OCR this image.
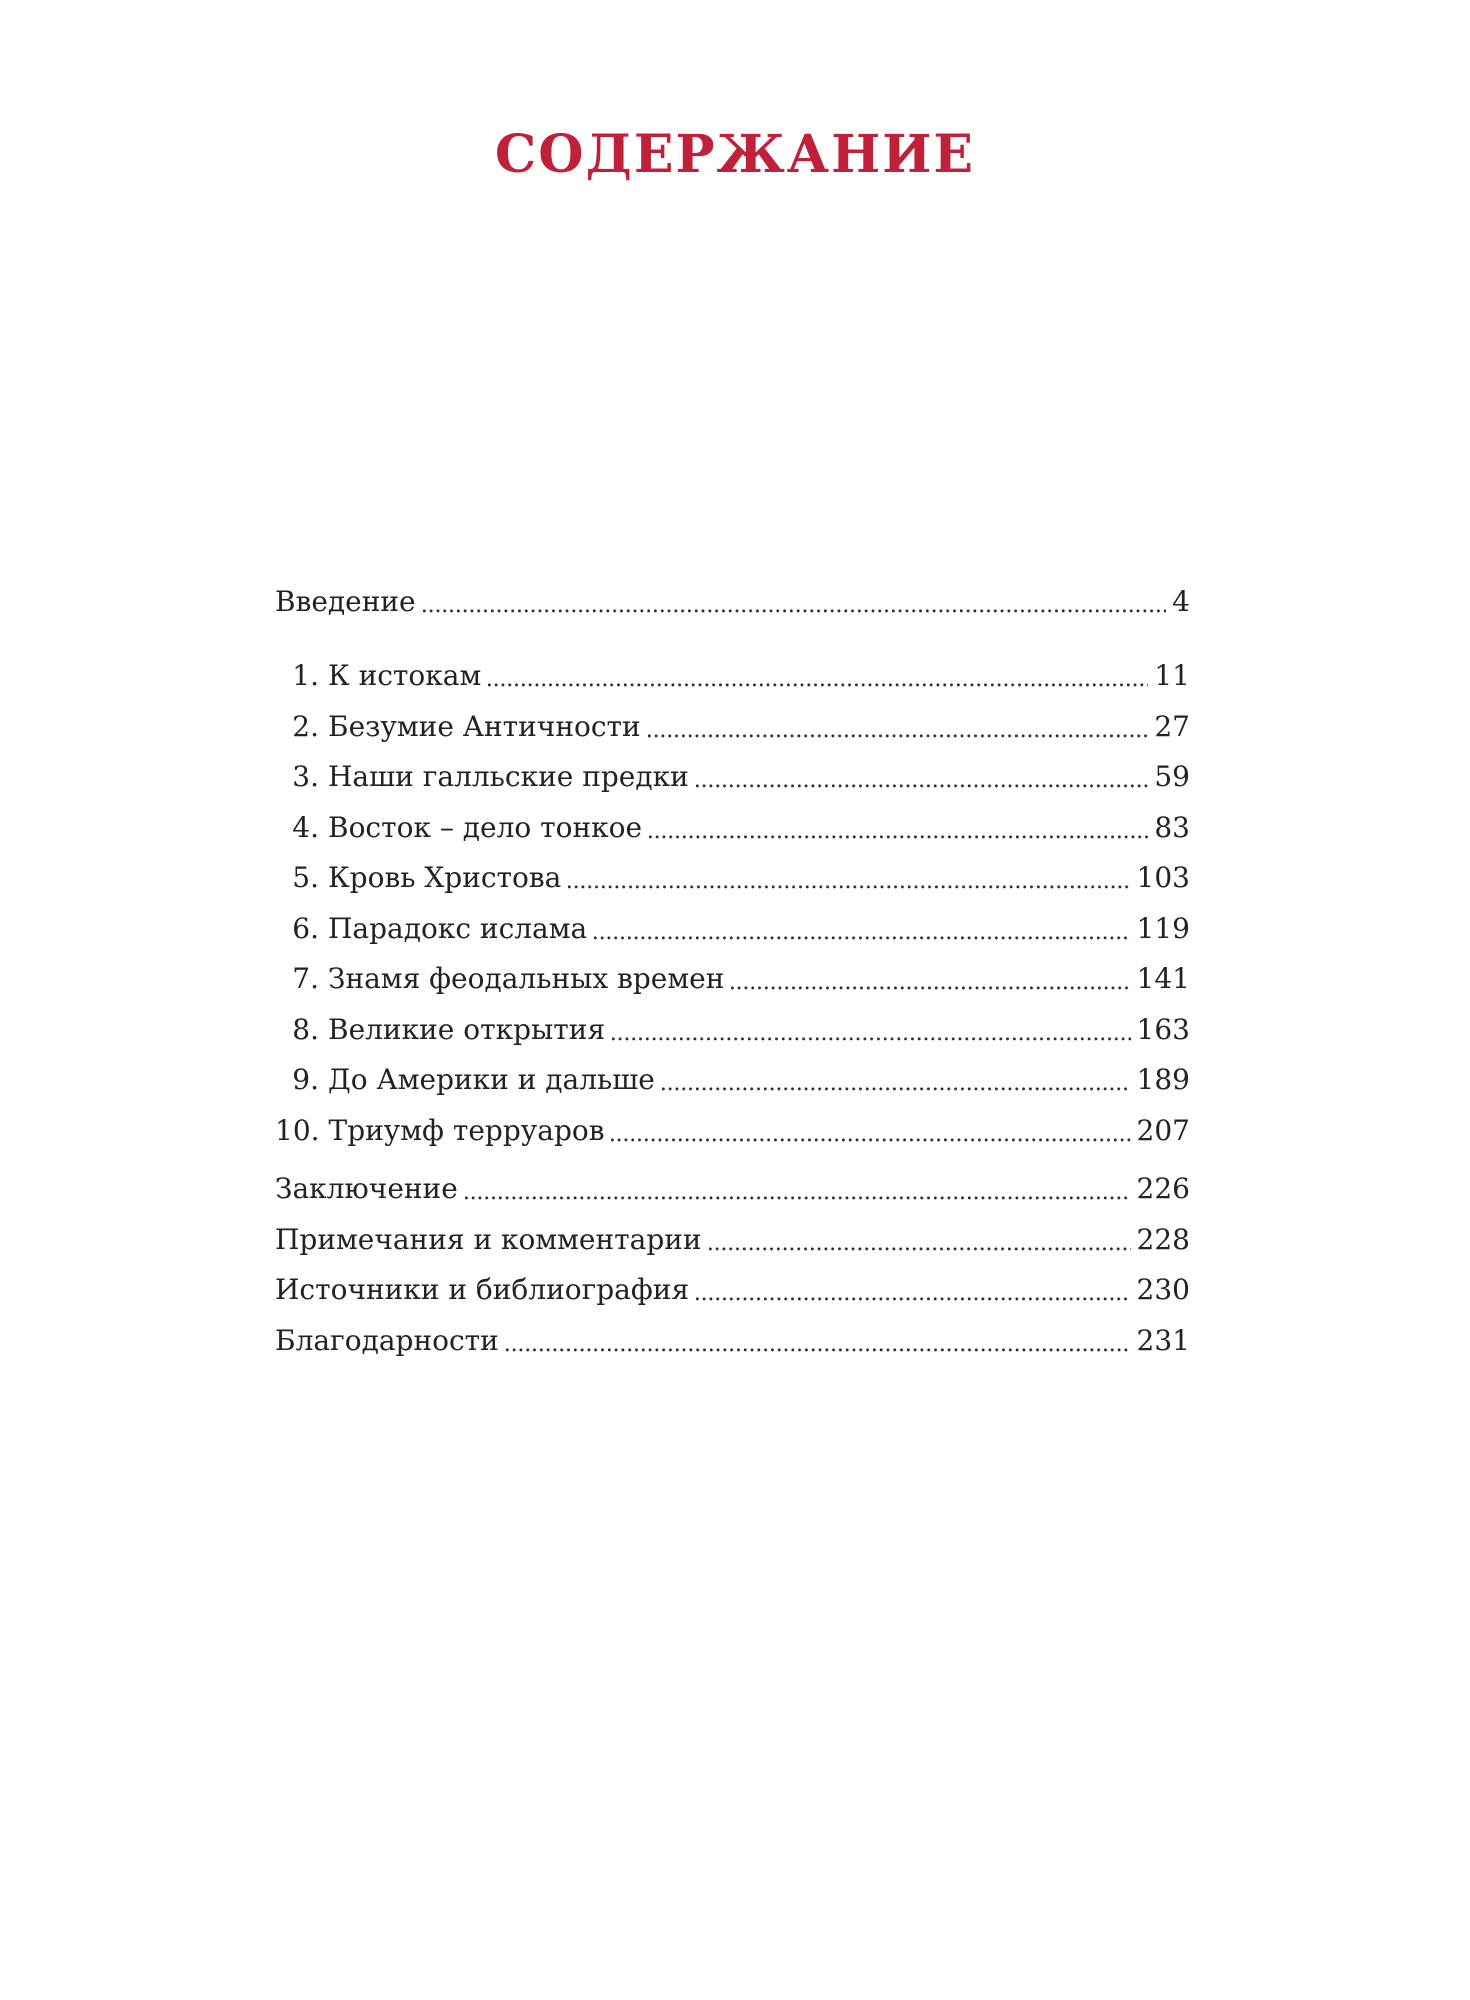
СОДЕРЖАНИЕ
Введение	4
1. К истокам	11
2. Безумие Античности	27
3. Наши галльские предки	59
4. Восток – дело тонкое	83
5. Кровь Христова	103
6. Парадокс ислама	119
7. Знамя феодальных времен	141
8. Великие открытия	163
9. До Америки и дальше	189
10. Триумф терруаров	207
Заключение	226
Примечания и комментарии	228
Источники и библиография	230
Благодарности	231
